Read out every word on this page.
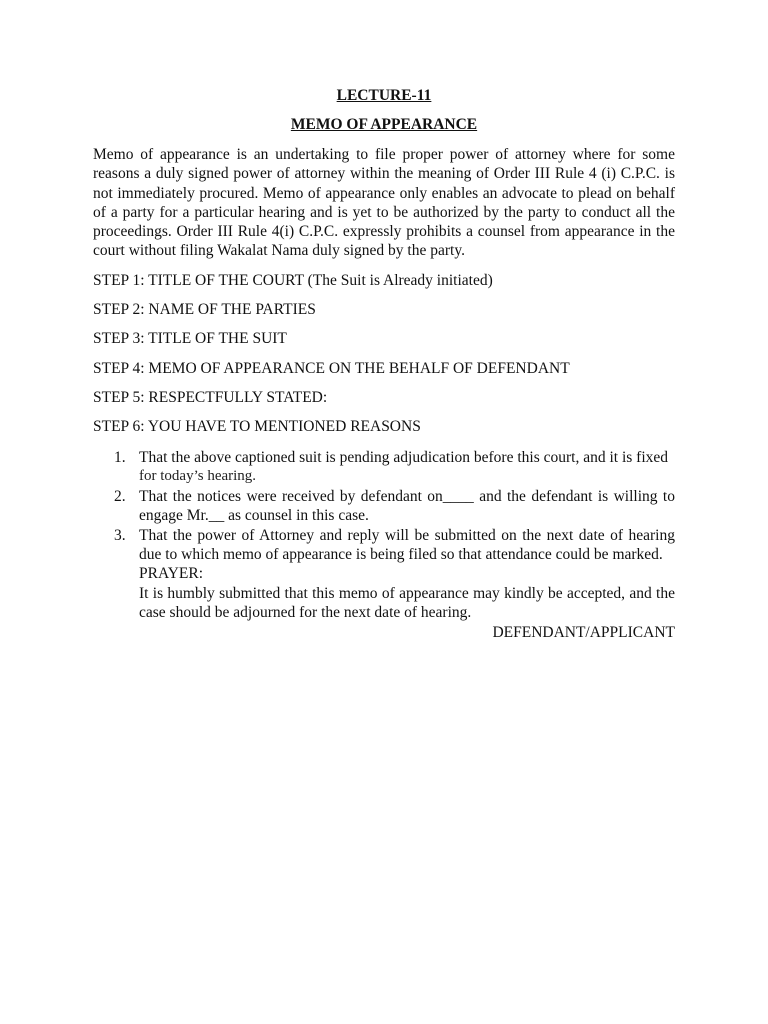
LECTURE-11
MEMO OF APPEARANCE

Memo of appearance is an undertaking to file proper power of attorney where for some reasons a duly signed power of attorney within the meaning of Order III Rule 4 (i) C.P.C. is not immediately procured. Memo of appearance only enables an advocate to plead on behalf of a party for a particular hearing and is yet to be authorized by the party to conduct all the proceedings. Order III Rule 4(i) C.P.C. expressly prohibits a counsel from appearance in the court without filing Wakalat Nama duly signed by the party.

STEP 1: TITLE OF THE COURT (The Suit is Already initiated)

STEP 2: NAME OF THE PARTIES

STEP 3: TITLE OF THE SUIT

STEP 4: MEMO OF APPEARANCE ON THE BEHALF OF DEFENDANT

STEP 5: RESPECTFULLY STATED:

STEP 6: YOU HAVE TO MENTIONED REASONS

1. That the above captioned suit is pending adjudication before this court, and it is fixed
for today’s hearing.
2. That the notices were received by defendant on____ and the defendant is willing to engage Mr.__ as counsel in this case.
3. That the power of Attorney and reply will be submitted on the next date of hearing due to which memo of appearance is being filed so that attendance could be marked.
PRAYER:
It is humbly submitted that this memo of appearance may kindly be accepted, and the case should be adjourned for the next date of hearing.
DEFENDANT/APPLICANT
